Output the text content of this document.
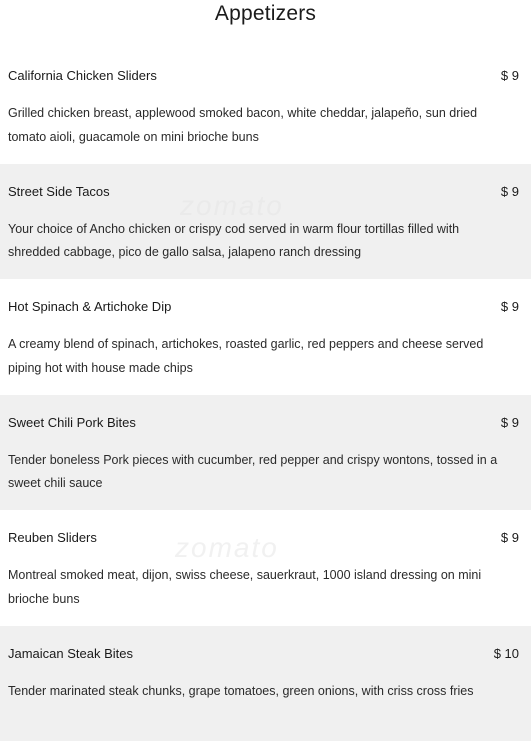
Appetizers
California Chicken Sliders	$ 9
Grilled chicken breast, applewood smoked bacon, white cheddar, jalapeño, sun dried tomato aioli, guacamole on mini brioche buns
Street Side Tacos	$ 9
Your choice of Ancho chicken or crispy cod served in warm flour tortillas filled with shredded cabbage, pico de gallo salsa, jalapeno ranch dressing
Hot Spinach & Artichoke Dip	$ 9
A creamy blend of spinach, artichokes, roasted garlic, red peppers and cheese served piping hot with house made chips
Sweet Chili Pork Bites	$ 9
Tender boneless Pork pieces with cucumber, red pepper and crispy wontons, tossed in a sweet chili sauce
Reuben Sliders	$ 9
Montreal smoked meat, dijon, swiss cheese, sauerkraut, 1000 island dressing on mini brioche buns
Jamaican Steak Bites	$ 10
Tender marinated steak chunks, grape tomatoes, green onions, with criss cross fries
zomato
zomato
